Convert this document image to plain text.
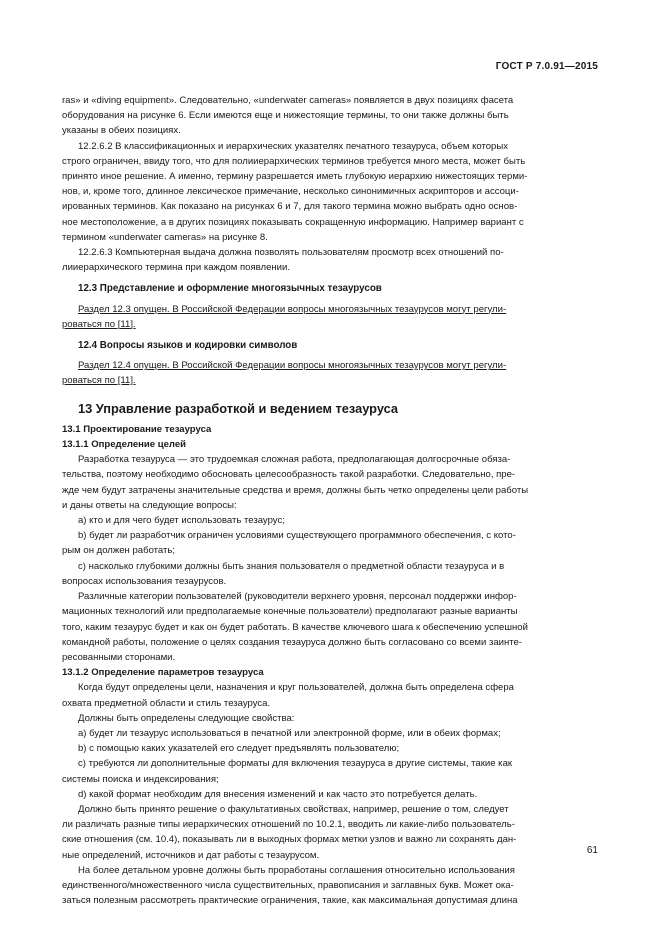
ГОСТ Р 7.0.91—2015

ras» и «diving equipment». Следовательно, «underwater cameras» появляется в двух позициях фасета
оборудования на рисунке 6. Если имеются еще и нижестоящие термины, то они также должны быть
указаны в обеих позициях.

12.2.6.2 В классификационных и иерархических указателях печатного тезауруса, объем которых
строго ограничен, ввиду того, что для полииерархических терминов требуется много места, может быть
принято иное решение. А именно, термину разрешается иметь глубокую иерархию нижестоящих терми-
нов, и, кроме того, длинное лексическое примечание, несколько синонимичных аскрипторов и ассоци-
ированных терминов. Как показано на рисунках 6 и 7, для такого термина можно выбрать одно основ-
ное местоположение, а в других позициях показывать сокращенную информацию. Например вариант с
термином «underwater cameras» на рисунке 8.

12.2.6.3 Компьютерная выдача должна позволять пользователям просмотр всех отношений по-
лииерархического термина при каждом появлении.

12.3 Представление и оформление многоязычных тезаурусов

Раздел 12.3 опущен. В Российской Федерации вопросы многоязычных тезаурусов могут регули-
роваться по [11].

12.4 Вопросы языков и кодировки символов

Раздел 12.4 опущен. В Российской Федерации вопросы многоязычных тезаурусов могут регули-
роваться по [11].

13 Управление разработкой и ведением тезауруса

13.1 Проектирование тезауруса

13.1.1 Определение целей

Разработка тезауруса — это трудоемкая сложная работа, предполагающая долгосрочные обяза-
тельства, поэтому необходимо обосновать целесообразность такой разработки. Следовательно, пре-
жде чем будут затрачены значительные средства и время, должны быть четко определены цели работы
и даны ответы на следующие вопросы:

а) кто и для чего будет использовать тезаурус;

b) будет ли разработчик ограничен условиями существующего программного обеспечения, с кото-
рым он должен работать;

c) насколько глубокими должны быть знания пользователя о предметной области тезауруса и в
вопросах использования тезаурусов.

Различные категории пользователей (руководители верхнего уровня, персонал поддержки инфор-
мационных технологий или предполагаемые конечные пользователи) предполагают разные варианты
того, каким тезаурус будет и как он будет работать. В качестве ключевого шага к обеспечению успешной
командной работы, положение о целях создания тезауруса должно быть согласовано со всеми заинте-
ресованными сторонами.

13.1.2 Определение параметров тезауруса

Когда будут определены цели, назначения и круг пользователей, должна быть определена сфера
охвата предметной области и стиль тезауруса.

Должны быть определены следующие свойства:

а) будет ли тезаурус использоваться в печатной или электронной форме, или в обеих формах;

b) с помощью каких указателей его следует предъявлять пользователю;

c) требуются ли дополнительные форматы для включения тезауруса в другие системы, такие как
системы поиска и индексирования;

d) какой формат необходим для внесения изменений и как часто это потребуется делать.

Должно быть принято решение о факультативных свойствах, например, решение о том, следует
ли различать разные типы иерархических отношений по 10.2.1, вводить ли какие-либо пользователь-
ские отношения (см. 10.4), показывать ли в выходных формах метки узлов и важно ли сохранять дан-
ные определений, источников и дат работы с тезаурусом.

На более детальном уровне должны быть проработаны соглашения относительно использования
единственного/множественного числа существительных, правописания и заглавных букв. Может ока-
заться полезным рассмотреть практические ограничения, такие, как максимальная допустимая длина

61
